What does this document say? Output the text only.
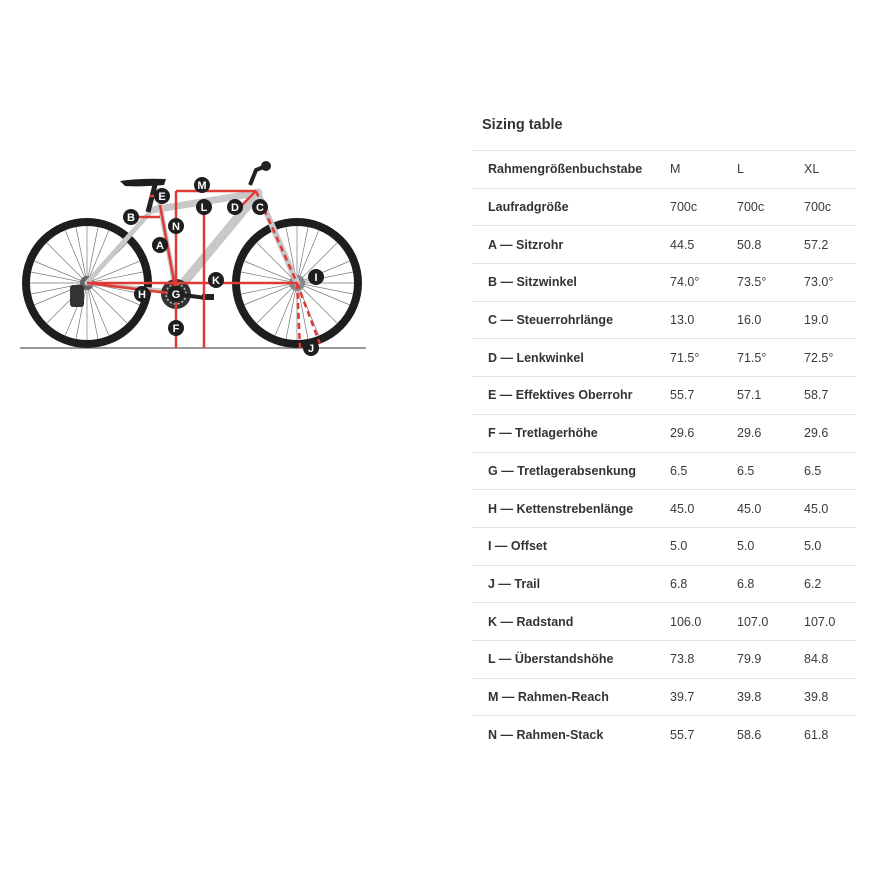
A
B
C
D
E
F
G
H
I
J
K
L
M
N
Sizing table
Rahmengrößenbuchstabe	M	L	XL
Laufradgröße	700c	700c	700c
A — Sitzrohr	44.5	50.8	57.2
B — Sitzwinkel	74.0°	73.5°	73.0°
C — Steuerrohrlänge	13.0	16.0	19.0
D — Lenkwinkel	71.5°	71.5°	72.5°
E — Effektives Oberrohr	55.7	57.1	58.7
F — Tretlagerhöhe	29.6	29.6	29.6
G — Tretlagerabsenkung	6.5	6.5	6.5
H — Kettenstrebenlänge	45.0	45.0	45.0
I — Offset	5.0	5.0	5.0
J — Trail	6.8	6.8	6.2
K — Radstand	106.0	107.0	107.0
L — Überstandshöhe	73.8	79.9	84.8
M — Rahmen-Reach	39.7	39.8	39.8
N — Rahmen-Stack	55.7	58.6	61.8
